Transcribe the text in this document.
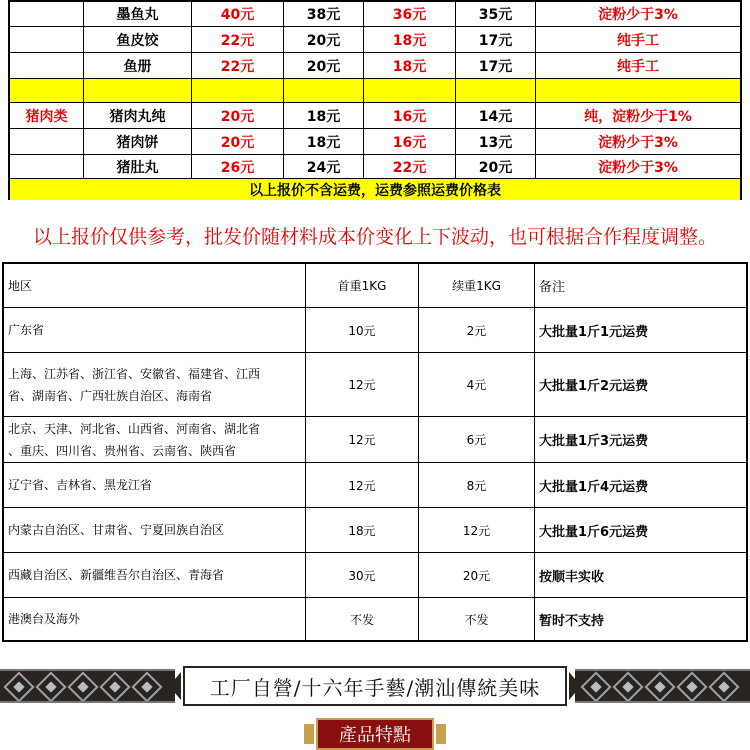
墨鱼丸	40元	38元	36元	35元	淀粉少于3%
鱼皮饺	22元	20元	18元	17元	纯手工
鱼册	22元	20元	18元	17元	纯手工
猪肉类	猪肉丸纯	20元	18元	16元	14元	纯，淀粉少于1%
猪肉饼	20元	18元	16元	13元	淀粉少于3%
猪肚丸	26元	24元	22元	20元	淀粉少于3%
以上报价不含运费，运费参照运费价格表
以上报价仅供参考，批发价随材料成本价变化上下波动，也可根据合作程度调整。
地区	首重1KG	续重1KG	备注
广东省	10元	2元	大批量1斤1元运费
上海、江苏省、浙江省、安徽省、福建省、江西
省、湖南省、广西壮族自治区、海南省
12元	4元	大批量1斤2元运费
北京、天津、河北省、山西省、河南省、湖北省
、重庆、四川省、贵州省、云南省、陕西省
12元	6元	大批量1斤3元运费
辽宁省、吉林省、黑龙江省	12元	8元	大批量1斤4元运费
内蒙古自治区、甘肃省、宁夏回族自治区	18元	12元	大批量1斤6元运费
西藏自治区、新疆维吾尔自治区、青海省	30元	20元	按顺丰实收
港澳台及海外	不发	不发	暂时不支持
工厂自營/十六年手藝/潮汕傳統美味
產品特點
